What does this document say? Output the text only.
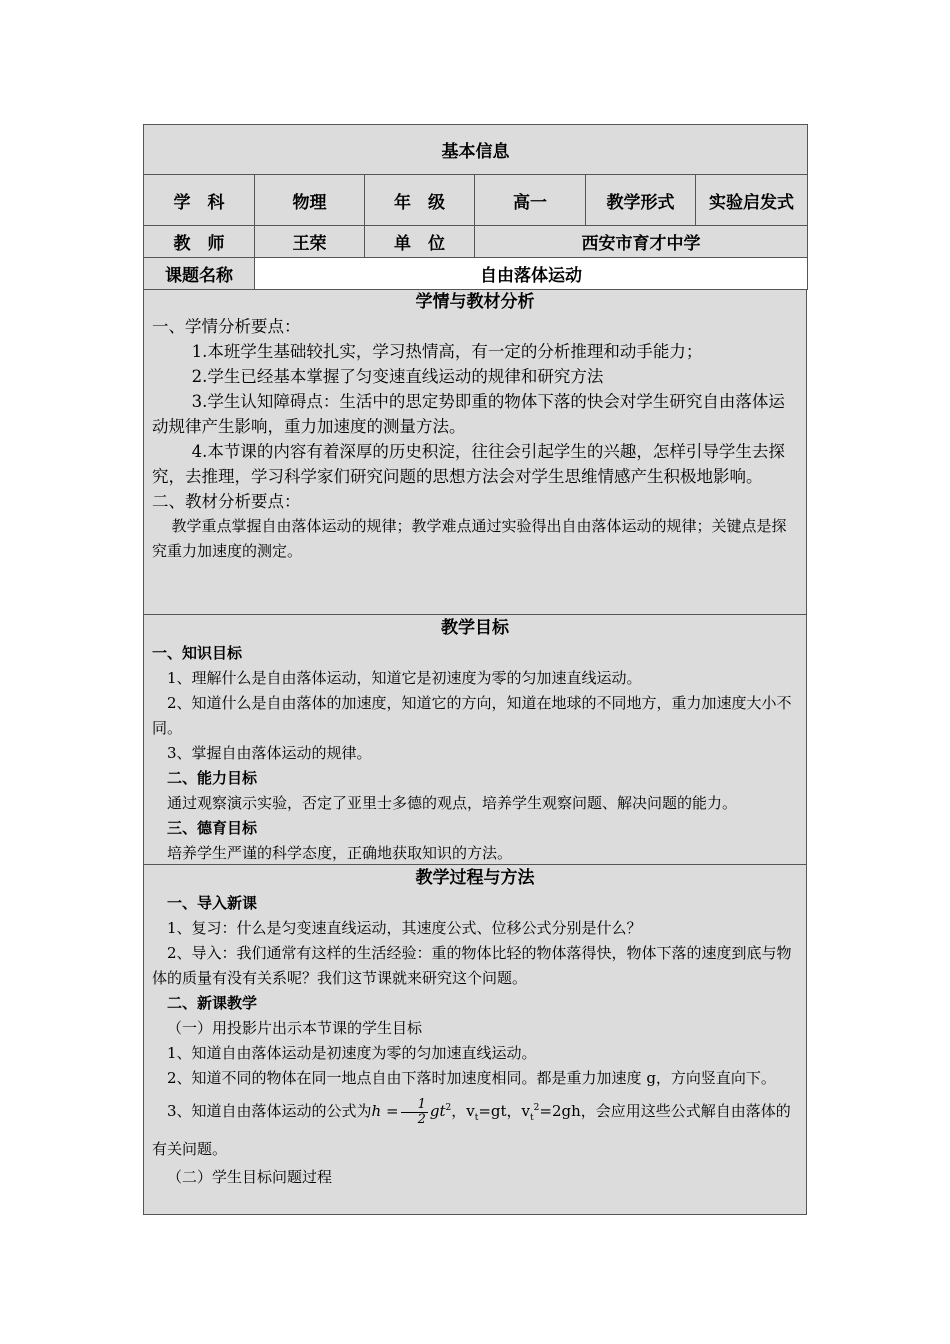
基本信息					
学　科	物理	年　级	高一	教学形式	实验启发式
教　师	王荣	单　位	西安市育才中学		
课题名称	自由落体运动				
学情与教材分析

一、学情分析要点：

1.本班学生基础较扎实，学习热情高，有一定的分析推理和动手能力；

2.学生已经基本掌握了匀变速直线运动的规律和研究方法

3.学生认知障碍点：生活中的思定势即重的物体下落的快会对学生研究自由落体运动规律产生影响，重力加速度的测量方法。

4.本节课的内容有着深厚的历史积淀，往往会引起学生的兴趣，怎样引导学生去探究，去推理，学习科学家们研究问题的思想方法会对学生思维情感产生积极地影响。

二、教材分析要点：

教学重点掌握自由落体运动的规律；教学难点通过实验得出自由落体运动的规律；关键点是探究重力加速度的测定。

教学目标

一、知识目标

1、理解什么是自由落体运动，知道它是初速度为零的匀加速直线运动。

2、知道什么是自由落体的加速度，知道它的方向，知道在地球的不同地方，重力加速度大小不同。

3、掌握自由落体运动的规律。

二、能力目标

通过观察演示实验，否定了亚里士多德的观点，培养学生观察问题、解决问题的能力。

三、德育目标

培养学生严谨的科学态度，正确地获取知识的方法。

教学过程与方法

一、导入新课

1、复习：什么是匀变速直线运动，其速度公式、位移公式分别是什么？

2、导入：我们通常有这样的生活经验：重的物体比轻的物体落得快，物体下落的速度到底与物体的质量有没有关系呢？我们这节课就来研究这个问题。

二、新课教学

（一）用投影片出示本节课的学生目标

1、知道自由落体运动是初速度为零的匀加速直线运动。

2、知道不同的物体在同一地点自由下落时加速度相同。都是重力加速度 g，方向竖直向下。

3、知道自由落体运动的公式为$h = \frac{1}{2} gt^2$，$v_t=gt$，$v_t^2=2gh$，会应用这些公式解自由落体的有关问题。

（二）学生目标问题过程
